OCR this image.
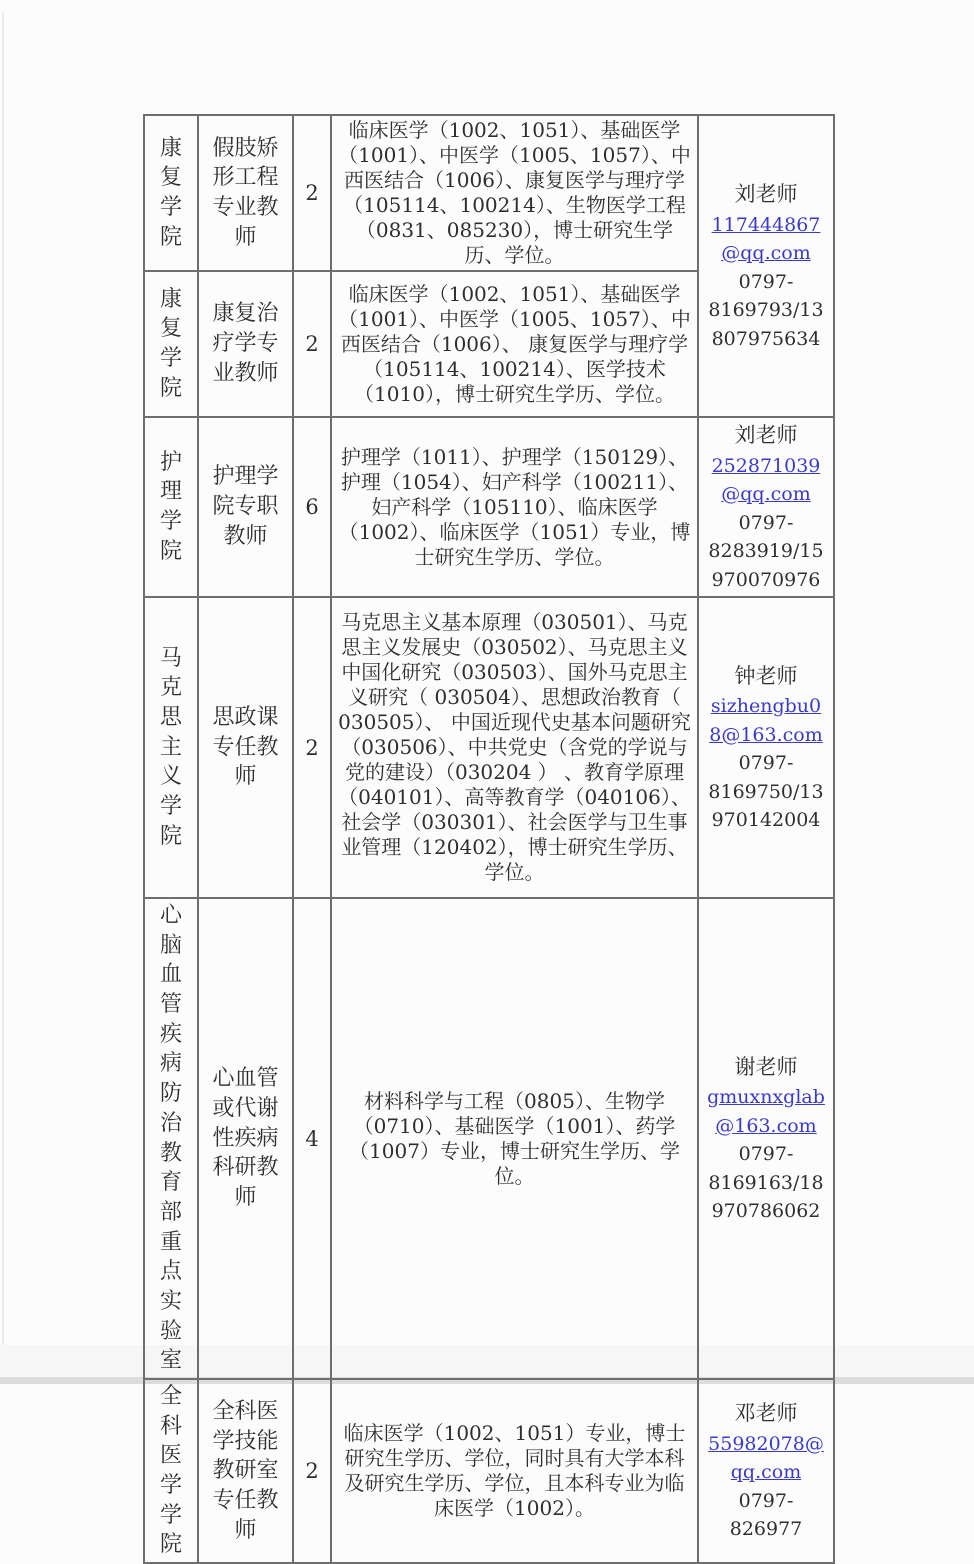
康复学院	假肢矫形工程专业教师	2	临床医学（1002、1051）、基础医学（1001）、中医学（1005、1057）、中西医结合（1006）、康复医学与理疗学（105114、100214）、生物医学工程（0831、085230），博士研究生学历、学位。	刘老师
117444867@qq.com
0797-8169793/13807975634

康复学院	康复治疗学专业教师	2	临床医学（1002、1051）、基础医学（1001）、中医学（1005、1057）、中西医结合（1006）、 康复医学与理疗学（105114、100214）、医学技术（1010），博士研究生学历、学位。	
护理学院	护理学院专职教师	6	护理学（1011）、护理学（150129）、护理（1054）、妇产科学（100211）、妇产科学（105110）、临床医学（1002）、临床医学（1051）专业，博士研究生学历、学位。	刘老师
252871039@qq.com
0797-8283919/15970070976

马克思主义学院	思政课专任教师	2	马克思主义基本原理（030501）、马克思主义发展史（030502）、马克思主义中国化研究（030503）、国外马克思主义研究（ 030504）、思想政治教育（ 030505）、 中国近现代史基本问题研究 （030506）、中共党史（含党的学说与党的建设）（030204 ） 、教育学原理（040101）、高等教育学（040106）、 社会学（030301）、社会医学与卫生事业管理（120402），博士研究生学历、学位。	
钟老师
sizhengbu08@163.com
0797-8169750/13970142004

心脑血管疾病防治教育部重点实验室	心血管或代谢性疾病科研教师	4	材料科学与工程（0805）、生物学（0710）、基础医学（1001）、药学（1007）专业，博士研究生学历、学位。	谢老师
gmuxnxglab@163.com
0797-8169163/18970786062

全科医学学院	全科医学技能教研室专任教师	2	临床医学（1002、1051）专业，博士研究生学历、学位，同时具有大学本科及研究生学历、学位，且本科专业为临床医学（1002）。	邓老师
55982078@qq.com
0797-826977
